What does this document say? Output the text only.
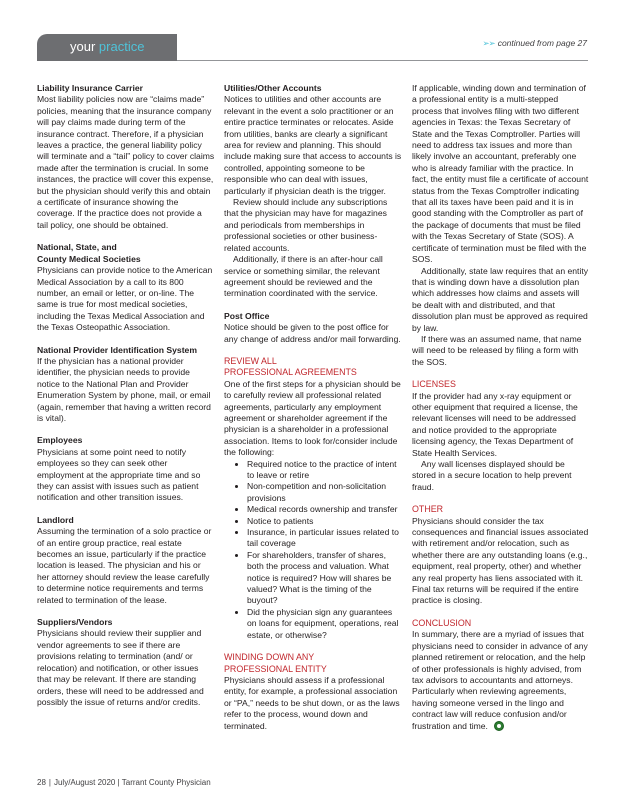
your practice	➢➢ continued from page 27
Liability Insurance Carrier

Most liability policies now are “claims made” policies, meaning that the insurance company will pay claims made during term of the insurance contract. Therefore, if a physician leaves a practice, the general liability policy will terminate and a “tail” policy to cover claims made after the termination is crucial. In some instances, the practice will cover this expense, but the physician should verify this and obtain a certificate of insurance showing the coverage. If the practice does not provide a tail policy, one should be obtained.

National, State, and
County Medical Societies

Physicians can provide notice to the American Medical Association by a call to its 800 number, an email or letter, or on-line. The same is true for most medical societies, including the Texas Medical Association and the Texas Osteopathic Association.

National Provider Identification System

If the physician has a national provider identifier, the physician needs to provide notice to the National Plan and Provider Enumeration System by phone, mail, or email (again, remember that having a written record is vital).

Employees

Physicians at some point need to notify employees so they can seek other employment at the appropriate time and so they can assist with issues such as patient notification and other transition issues.

Landlord

Assuming the termination of a solo practice or of an entire group practice, real estate becomes an issue, particularly if the practice location is leased. The physician and his or her attorney should review the lease carefully to determine notice requirements and terms related to termination of the lease.

Suppliers/Vendors

Physicians should review their supplier and vendor agreements to see if there are provisions relating to termination (and/ or relocation) and notification, or other issues that may be relevant. If there are standing orders, these will need to be addressed and possibly the issue of returns and/or credits.

Utilities/Other Accounts

Notices to utilities and other accounts are relevant in the event a solo practitioner or an entire practice terminates or relocates. Aside from utilities, banks are clearly a significant area for review and planning. This should include making sure that access to accounts is controlled, appointing someone to be responsible who can deal with issues, particularly if physician death is the trigger.

Review should include any subscriptions that the physician may have for magazines and periodicals from memberships in professional societies or other business-related accounts.

Additionally, if there is an after-hour call service or something similar, the relevant agreement should be reviewed and the termination coordinated with the service.

Post Office

Notice should be given to the post office for any change of address and/or mail forwarding.

REVIEW ALL
PROFESSIONAL AGREEMENTS

One of the first steps for a physician should be to carefully review all professional related agreements, particularly any employment agreement or shareholder agreement if the physician is a shareholder in a professional association. Items to look for/consider include the following:

• Required notice to the practice of intent to leave or retire
• Non-competition and non-solicitation provisions
• Medical records ownership and transfer
• Notice to patients
• Insurance, in particular issues related to tail coverage
• For shareholders, transfer of shares, both the process and valuation. What notice is required? How will shares be valued? What is the timing of the buyout?
• Did the physician sign any guarantees on loans for equipment, operations, real estate, or otherwise?
WINDING DOWN ANY
PROFESSIONAL ENTITY

Physicians should assess if a professional entity, for example, a professional association or “PA,” needs to be shut down, or as the laws refer to the process, wound down and terminated.

If applicable, winding down and termination of a professional entity is a multi-stepped process that involves filing with two different agencies in Texas: the Texas Secretary of State and the Texas Comptroller. Parties will need to address tax issues and more than likely involve an accountant, preferably one who is already familiar with the practice. In fact, the entity must file a certificate of account status from the Texas Comptroller indicating that all its taxes have been paid and it is in good standing with the Comptroller as part of the package of documents that must be filed with the Texas Secretary of State (SOS). A certificate of termination must be filed with the SOS.

Additionally, state law requires that an entity that is winding down have a dissolution plan which addresses how claims and assets will be dealt with and distributed, and that dissolution plan must be approved as required by law.

If there was an assumed name, that name will need to be released by filing a form with the SOS.

LICENSES

If the provider had any x-ray equipment or other equipment that required a license, the relevant licenses will need to be addressed and notice provided to the appropriate licensing agency, the Texas Department of State Health Services.

Any wall licenses displayed should be stored in a secure location to help prevent fraud.

OTHER

Physicians should consider the tax consequences and financial issues associated with retirement and/or relocation, such as whether there are any outstanding loans (e.g., equipment, real property, other) and whether any real property has liens associated with it. Final tax returns will be required if the entire practice is closing.

CONCLUSION

In summary, there are a myriad of issues that physicians need to consider in advance of any planned retirement or relocation, and the help of other professionals is highly advised, from tax advisors to accountants and attorneys. Particularly when reviewing agreements, having someone versed in the lingo and contract law will reduce confusion and/or frustration and time.

28 | July/August 2020 | Tarrant County Physician
